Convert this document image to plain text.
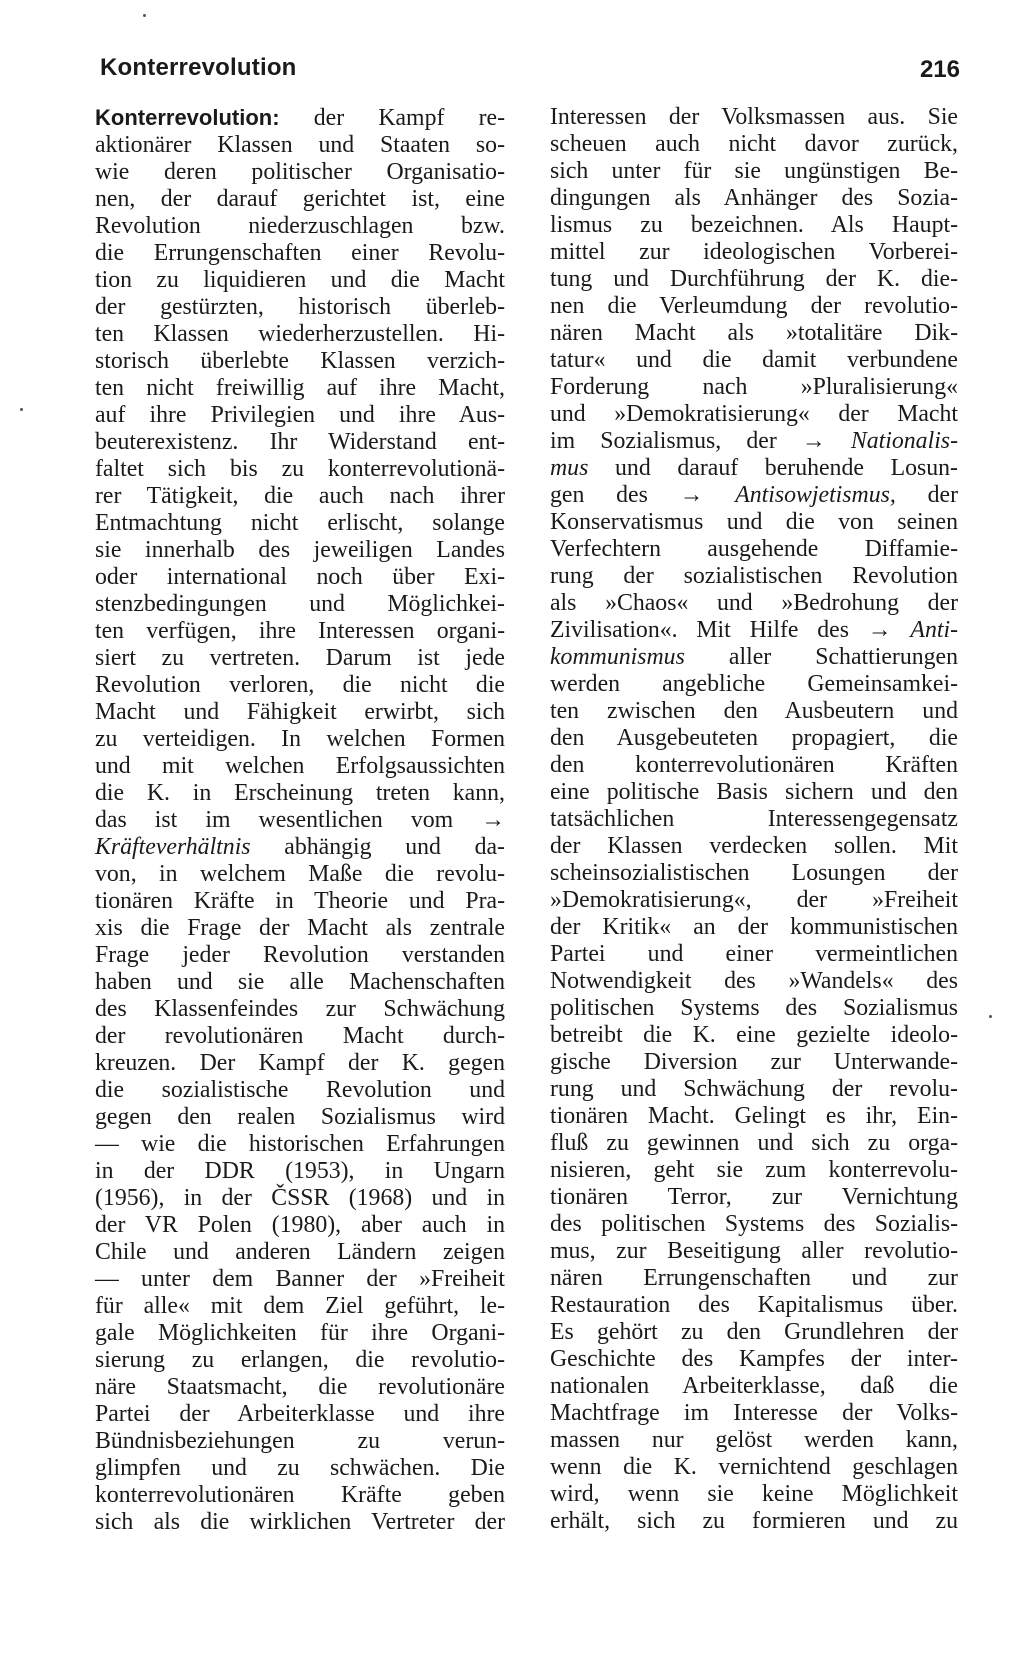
Konterrevolution	216
Konterrevolution: der Kampf re-
aktionärer Klassen und Staaten so-
wie deren politischer Organisatio-
nen, der darauf gerichtet ist, eine
Revolution niederzuschlagen bzw.
die Errungenschaften einer Revolu-
tion zu liquidieren und die Macht
der gestürzten, historisch überleb-
ten Klassen wiederherzustellen. Hi-
storisch überlebte Klassen verzich-
ten nicht freiwillig auf ihre Macht,
auf ihre Privilegien und ihre Aus-
beuterexistenz. Ihr Widerstand ent-
faltet sich bis zu konterrevolutionä-
rer Tätigkeit, die auch nach ihrer
Entmachtung nicht erlischt, solange
sie innerhalb des jeweiligen Landes
oder international noch über Exi-
stenzbedingungen und Möglichkei-
ten verfügen, ihre Interessen organi-
siert zu vertreten. Darum ist jede
Revolution verloren, die nicht die
Macht und Fähigkeit erwirbt, sich
zu verteidigen. In welchen Formen
und mit welchen Erfolgsaussichten
die K. in Erscheinung treten kann,
das ist im wesentlichen vom →
Kräfteverhältnis abhängig und da-
von, in welchem Maße die revolu-
tionären Kräfte in Theorie und Pra-
xis die Frage der Macht als zentrale
Frage jeder Revolution verstanden
haben und sie alle Machenschaften
des Klassenfeindes zur Schwächung
der revolutionären Macht durch-
kreuzen. Der Kampf der K. gegen
die sozialistische Revolution und
gegen den realen Sozialismus wird
— wie die historischen Erfahrungen
in der DDR (1953), in Ungarn
(1956), in der ČSSR (1968) und in
der VR Polen (1980), aber auch in
Chile und anderen Ländern zeigen
— unter dem Banner der »Freiheit
für alle« mit dem Ziel geführt, le-
gale Möglichkeiten für ihre Organi-
sierung zu erlangen, die revolutio-
näre Staatsmacht, die revolutionäre
Partei der Arbeiterklasse und ihre
Bündnisbeziehungen zu verun-
glimpfen und zu schwächen. Die
konterrevolutionären Kräfte geben
sich als die wirklichen Vertreter der
Interessen der Volksmassen aus. Sie
scheuen auch nicht davor zurück,
sich unter für sie ungünstigen Be-
dingungen als Anhänger des Sozia-
lismus zu bezeichnen. Als Haupt-
mittel zur ideologischen Vorberei-
tung und Durchführung der K. die-
nen die Verleumdung der revolutio-
nären Macht als »totalitäre Dik-
tatur« und die damit verbundene
Forderung nach »Pluralisierung«
und »Demokratisierung« der Macht
im Sozialismus, der → Nationalis-
mus und darauf beruhende Losun-
gen des → Antisowjetismus, der
Konservatismus und die von seinen
Verfechtern ausgehende Diffamie-
rung der sozialistischen Revolution
als »Chaos« und »Bedrohung der
Zivilisation«. Mit Hilfe des → Anti-
kommunismus aller Schattierungen
werden angebliche Gemeinsamkei-
ten zwischen den Ausbeutern und
den Ausgebeuteten propagiert, die
den konterrevolutionären Kräften
eine politische Basis sichern und den
tatsächlichen Interessengegensatz
der Klassen verdecken sollen. Mit
scheinsozialistischen Losungen der
»Demokratisierung«, der »Freiheit
der Kritik« an der kommunistischen
Partei und einer vermeintlichen
Notwendigkeit des »Wandels« des
politischen Systems des Sozialismus
betreibt die K. eine gezielte ideolo-
gische Diversion zur Unterwande-
rung und Schwächung der revolu-
tionären Macht. Gelingt es ihr, Ein-
fluß zu gewinnen und sich zu orga-
nisieren, geht sie zum konterrevolu-
tionären Terror, zur Vernichtung
des politischen Systems des Sozialis-
mus, zur Beseitigung aller revolutio-
nären Errungenschaften und zur
Restauration des Kapitalismus über.
Es gehört zu den Grundlehren der
Geschichte des Kampfes der inter-
nationalen Arbeiterklasse, daß die
Machtfrage im Interesse der Volks-
massen nur gelöst werden kann,
wenn die K. vernichtend geschlagen
wird, wenn sie keine Möglichkeit
erhält, sich zu formieren und zu
